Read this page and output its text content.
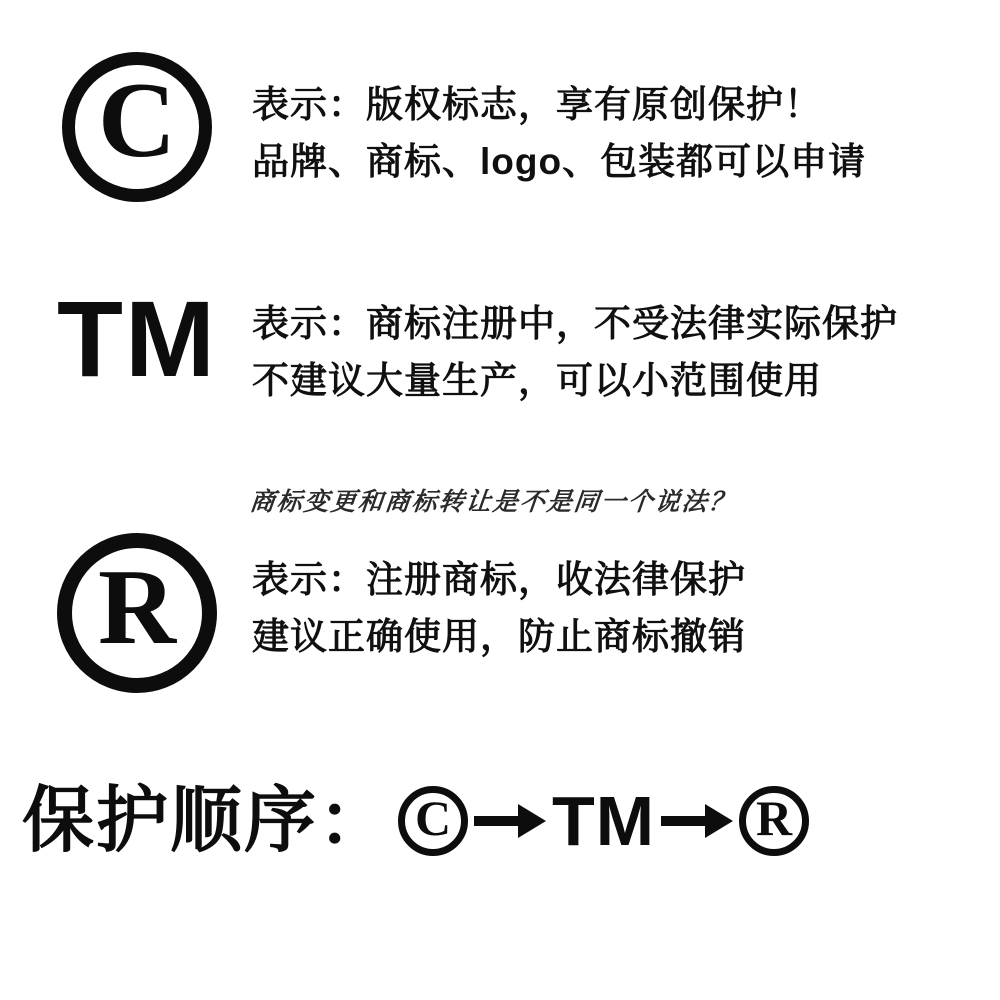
C 表示：版权标志，享有原创保护！
品牌、商标、logo、包装都可以申请
TM 表示：商标注册中，不受法律实际保护
不建议大量生产，可以小范围使用
商标变更和商标转让是不是同一个说法？
R 表示：注册商标，收法律保护
建议正确使用，防止商标撤销
保护顺序： C TM R
